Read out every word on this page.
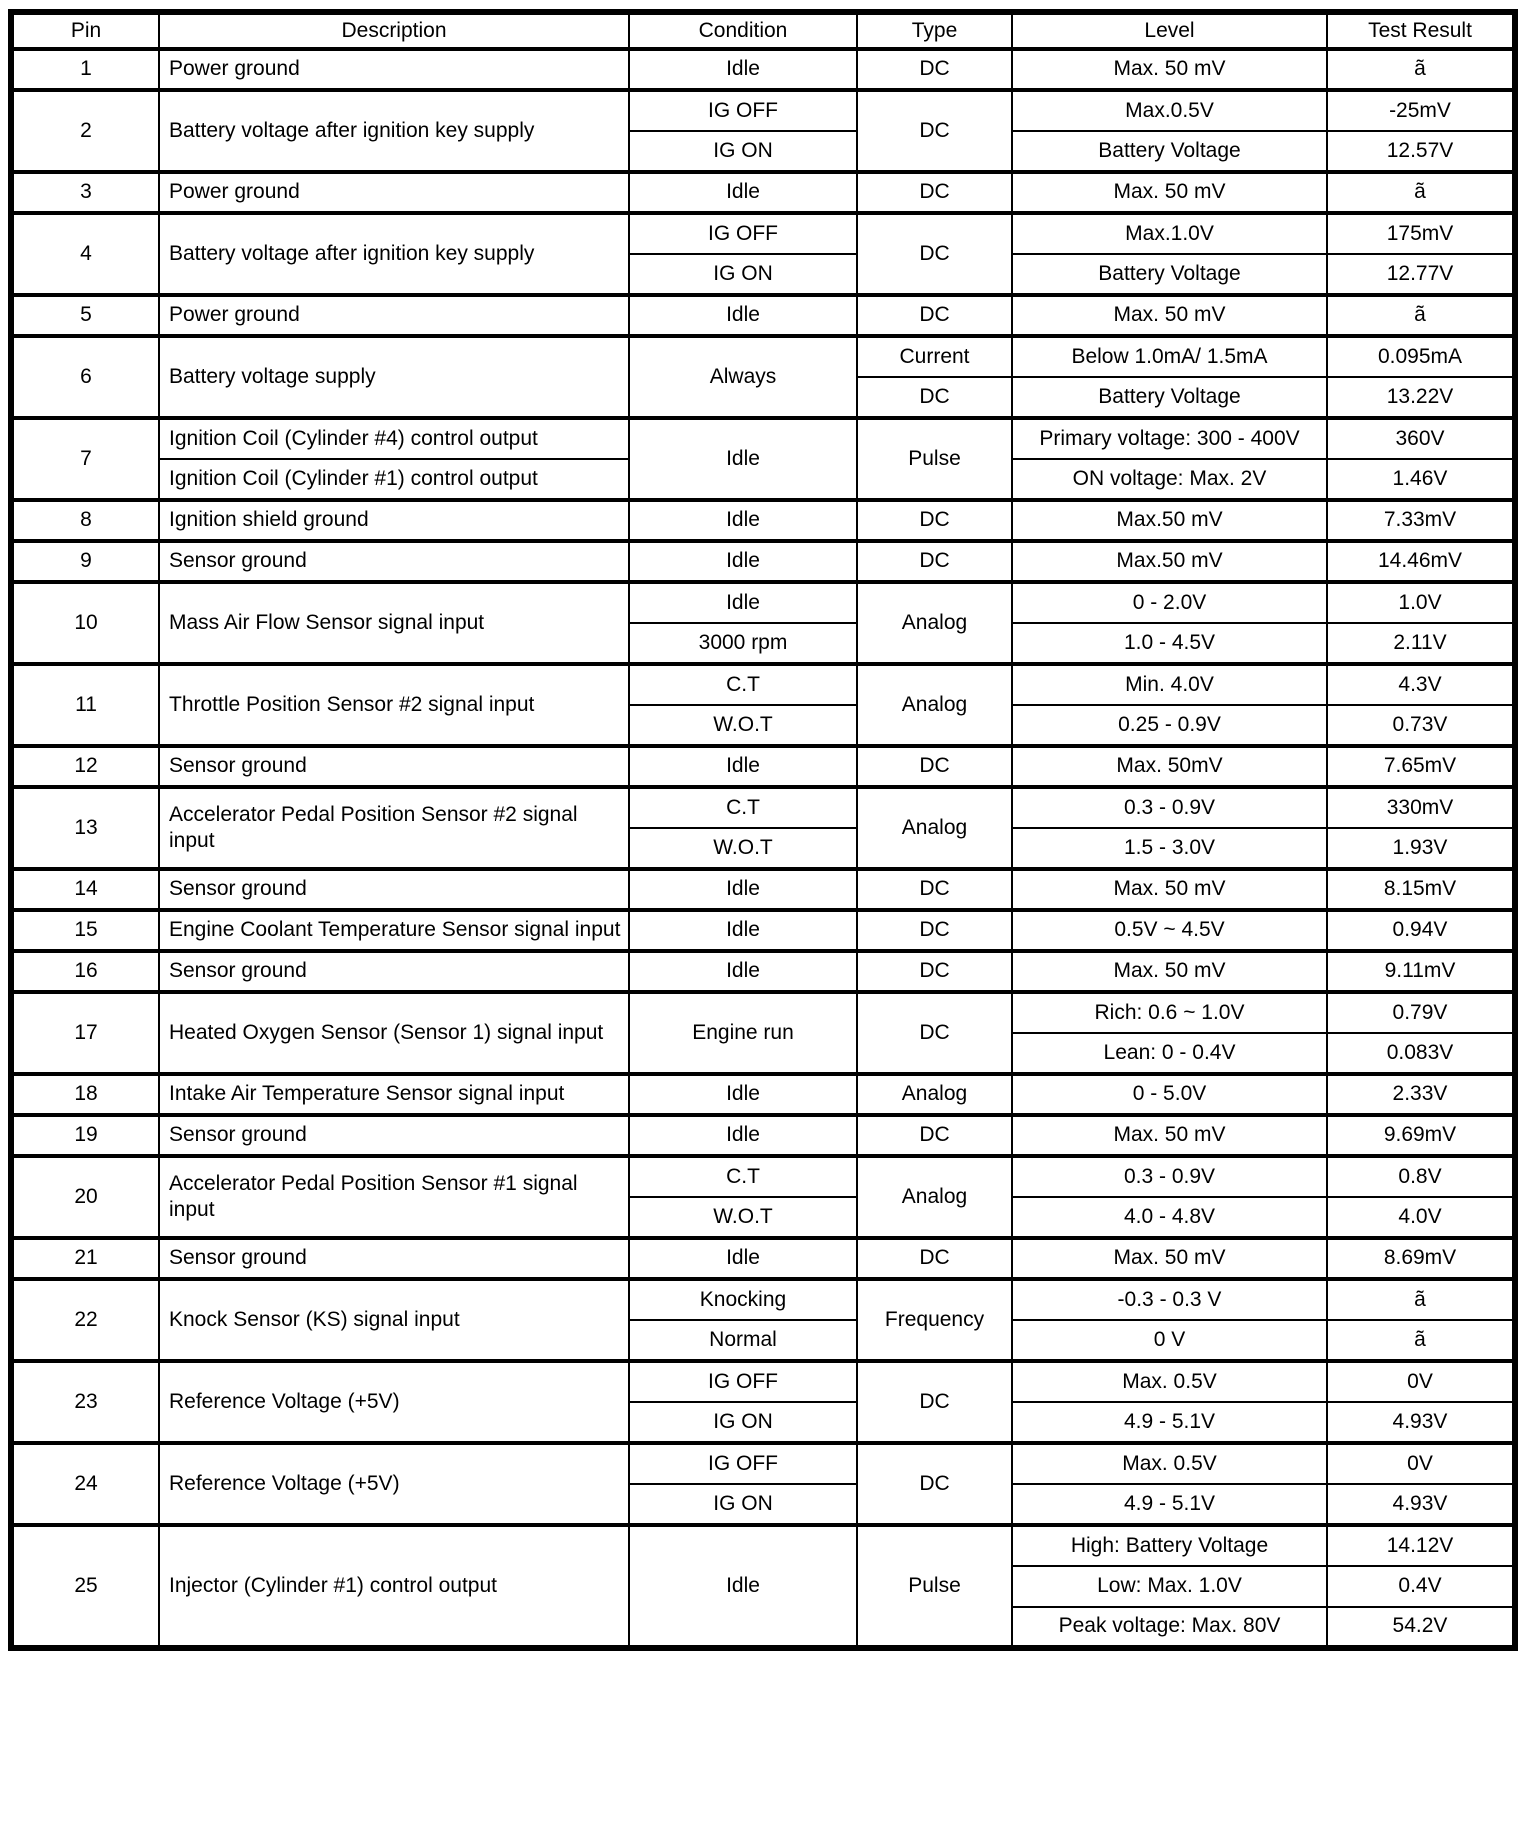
Pin	Description	Condition	Type	Level	Test Result
1	Power ground	Idle	DC	Max. 50 mV	ã
2	Battery voltage after ignition key supply	IG OFF	DC	Max.0.5V	-25mV
		IG ON		Battery Voltage	12.57V
3	Power ground	Idle	DC	Max. 50 mV	ã
4	Battery voltage after ignition key supply	IG OFF	DC	Max.1.0V	175mV
		IG ON		Battery Voltage	12.77V
5	Power ground	Idle	DC	Max. 50 mV	ã
6	Battery voltage supply	Always	Current	Below 1.0mA/ 1.5mA	0.095mA
			DC	Battery Voltage	13.22V
7	Ignition Coil (Cylinder #4) control output	Idle	Pulse	Primary voltage: 300 - 400V	360V
	Ignition Coil (Cylinder #1) control output			ON voltage: Max. 2V	1.46V
8	Ignition shield ground	Idle	DC	Max.50 mV	7.33mV
9	Sensor ground	Idle	DC	Max.50 mV	14.46mV
10	Mass Air Flow Sensor signal input	Idle	Analog	0 - 2.0V	1.0V
		3000 rpm		1.0 - 4.5V	2.11V
11	Throttle Position Sensor #2 signal input	C.T	Analog	Min. 4.0V	4.3V
		W.O.T		0.25 - 0.9V	0.73V
12	Sensor ground	Idle	DC	Max. 50mV	7.65mV
13	Accelerator Pedal Position Sensor #2 signal input	C.T	Analog	0.3 - 0.9V	330mV
		W.O.T		1.5 - 3.0V	1.93V
14	Sensor ground	Idle	DC	Max. 50 mV	8.15mV
15	Engine Coolant Temperature Sensor signal input	Idle	DC	0.5V ~ 4.5V	0.94V
16	Sensor ground	Idle	DC	Max. 50 mV	9.11mV
17	Heated Oxygen Sensor (Sensor 1) signal input	Engine run	DC	Rich: 0.6 ~ 1.0V	0.79V
				Lean: 0 - 0.4V	0.083V
18	Intake Air Temperature Sensor signal input	Idle	Analog	0 - 5.0V	2.33V
19	Sensor ground	Idle	DC	Max. 50 mV	9.69mV
20	Accelerator Pedal Position Sensor #1 signal input	C.T	Analog	0.3 - 0.9V	0.8V
		W.O.T		4.0 - 4.8V	4.0V
21	Sensor ground	Idle	DC	Max. 50 mV	8.69mV
22	Knock Sensor (KS) signal input	Knocking	Frequency	-0.3 - 0.3 V	ã
		Normal		0 V	ã
23	Reference Voltage (+5V)	IG OFF	DC	Max. 0.5V	0V
		IG ON		4.9 - 5.1V	4.93V
24	Reference Voltage (+5V)	IG OFF	DC	Max. 0.5V	0V
		IG ON		4.9 - 5.1V	4.93V
25	Injector (Cylinder #1) control output	Idle	Pulse	High: Battery Voltage	14.12V
				Low: Max. 1.0V	0.4V
				Peak voltage: Max. 80V	54.2V
